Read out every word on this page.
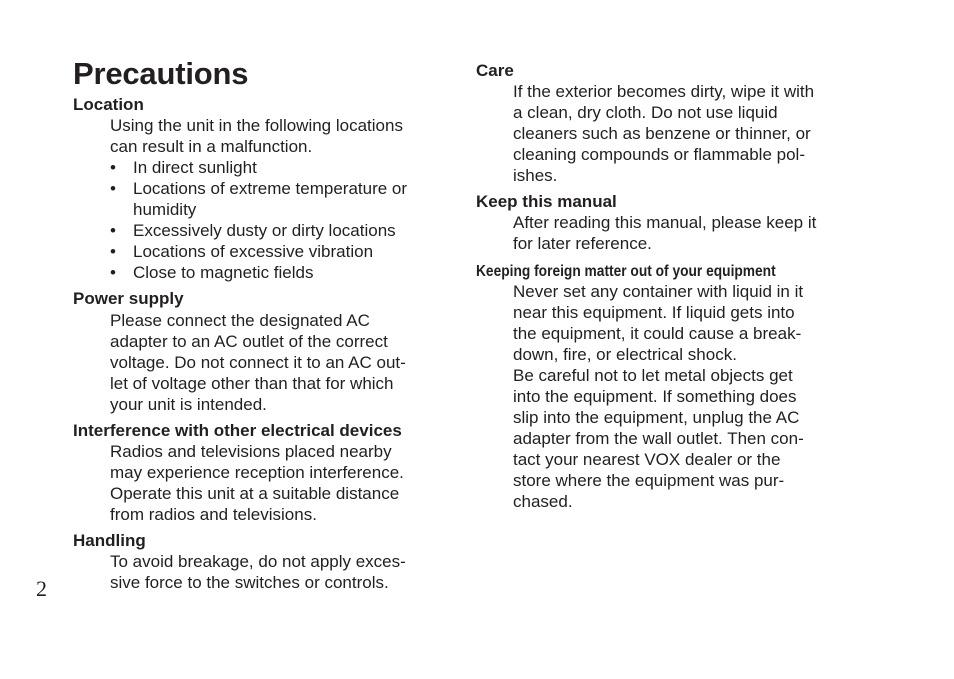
Precautions
Location

Using the unit in the following locations
can result in a malfunction.

• In direct sunlight
• Locations of extreme temperature or
humidity
• Excessively dusty or dirty locations
• Locations of excessive vibration
• Close to magnetic fields
Power supply

Please connect the designated AC
adapter to an AC outlet of the correct
voltage. Do not connect it to an AC out-
let of voltage other than that for which
your unit is intended.

Interference with other electrical devices

Radios and televisions placed nearby
may experience reception interference.
Operate this unit at a suitable distance
from radios and televisions.

Handling

To avoid breakage, do not apply exces-
sive force to the switches or controls.

Care

If the exterior becomes dirty, wipe it with
a clean, dry cloth. Do not use liquid
cleaners such as benzene or thinner, or
cleaning compounds or flammable pol-
ishes.

Keep this manual

After reading this manual, please keep it
for later reference.

Keeping foreign matter out of your equipment

Never set any container with liquid in it
near this equipment. If liquid gets into
the equipment, it could cause a break-
down, fire, or electrical shock.
Be careful not to let metal objects get
into the equipment. If something does
slip into the equipment, unplug the AC
adapter from the wall outlet. Then con-
tact your nearest VOX dealer or the
store where the equipment was pur-
chased.

2
